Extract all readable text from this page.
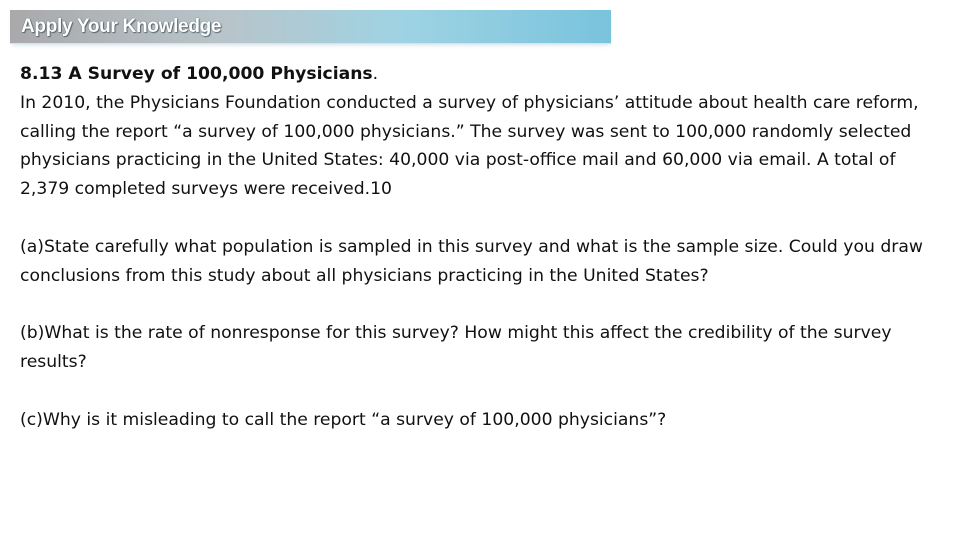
Apply Your Knowledge

8.13 A Survey of 100,000 Physicians.

In 2010, the Physicians Foundation conducted a survey of physicians’ attitude about health care reform, calling the report “a survey of 100,000 physicians.” The survey was sent to 100,000 randomly selected physicians practicing in the United States: 40,000 via post-office mail and 60,000 via email. A total of 2,379 completed surveys were received.10

(a)State carefully what population is sampled in this survey and what is the sample size. Could you draw conclusions from this study about all physicians practicing in the United States?

(b)What is the rate of nonresponse for this survey? How might this affect the credibility of the survey results?

(c)Why is it misleading to call the report “a survey of 100,000 physicians”?
